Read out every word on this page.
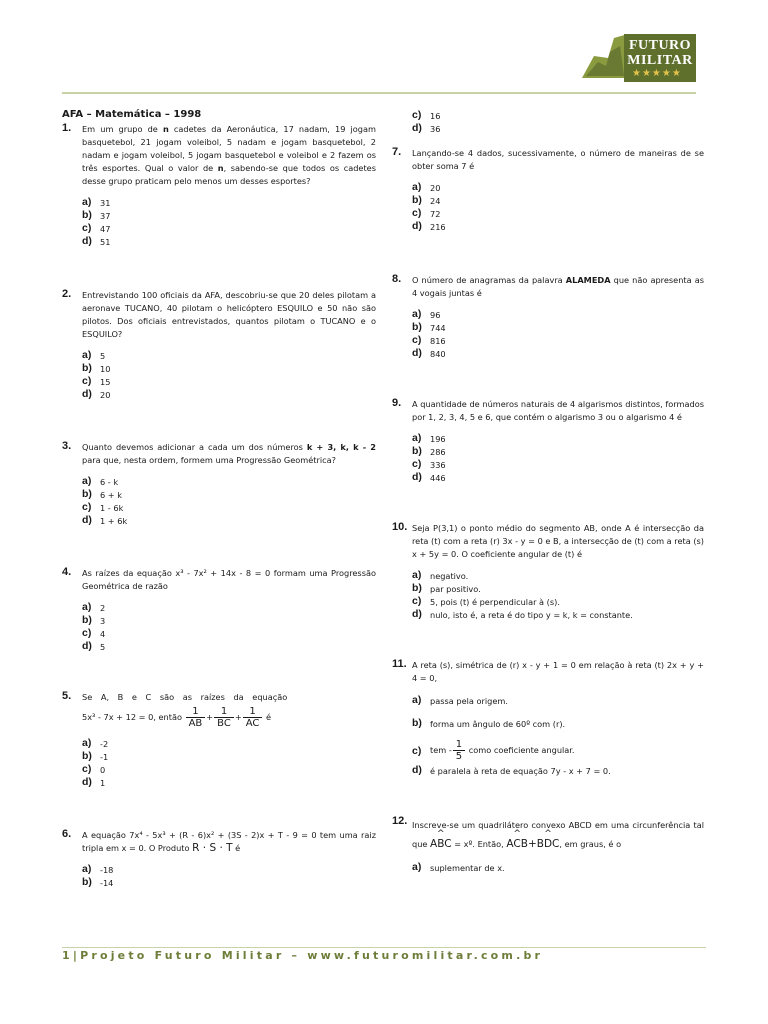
FUTURO
MILITAR
★★★★★
AFA – Matemática – 1998
1. Em um grupo de n cadetes da Aeronáutica, 17 nadam, 19 jogam basquetebol, 21 jogam voleibol, 5 nadam e jogam basquetebol, 2 nadam e jogam voleibol, 5 jogam basquetebol e voleibol e 2 fazem os três esportes. Qual o valor de n, sabendo-se que todos os cadetes desse grupo praticam pelo menos um desses esportes?
a) 31
b) 37
c) 47
d) 51
2. Entrevistando 100 oficiais da AFA, descobriu-se que 20 deles pilotam a aeronave TUCANO, 40 pilotam o helicóptero ESQUILO e 50 não são pilotos. Dos oficiais entrevistados, quantos pilotam o TUCANO e o ESQUILO?
a) 5
b) 10
c) 15
d) 20
3. Quanto devemos adicionar a cada um dos números k + 3, k, k - 2 para que, nesta ordem, formem uma Progressão Geométrica?
a) 6 - k
b) 6 + k
c) 1 - 6k
d) 1 + 6k
4. As raízes da equação x³ - 7x² + 14x - 8 = 0 formam uma Progressão Geométrica de razão
a) 2
b) 3
c) 4
d) 5
5. Se A, B e C são as raízes da equação
5x³ - 7x + 12 = 0, então $\frac{1}{AB} + \frac{1}{BC} + \frac{1}{AC}$ é
a) -2
b) -1
c) 0
d) 1
6. A equação 7x⁴ - 5x³ + (R - 6)x² + (3S - 2)x + T - 9 = 0 tem uma raiz tripla em x = 0. O Produto R · S · T é
a) -18
b) -14
c) 16
d) 36
7. Lançando-se 4 dados, sucessivamente, o número de maneiras de se obter soma 7 é
a) 20
b) 24
c) 72
d) 216
8. O número de anagramas da palavra ALAMEDA que não apresenta as 4 vogais juntas é
a) 96
b) 744
c) 816
d) 840
9. A quantidade de números naturais de 4 algarismos distintos, formados por 1, 2, 3, 4, 5 e 6, que contém o algarismo 3 ou o algarismo 4 é
a) 196
b) 286
c) 336
d) 446
10. Seja P(3,1) o ponto médio do segmento AB, onde A é intersecção da reta (t) com a reta (r) 3x - y = 0 e B, a intersecção de (t) com a reta (s) x + 5y = 0. O coeficiente angular de (t) é
a) negativo.
b) par positivo.
c) 5, pois (t) é perpendicular à (s).
d) nulo, isto é, a reta é do tipo y = k, k = constante.
11. A reta (s), simétrica de (r) x - y + 1 = 0 em relação à reta (t) 2x + y + 4 = 0,
a) passa pela origem.
b) forma um ângulo de 60º com (r).
c) tem - $\frac{1}{5}$ como coeficiente angular.
d) é paralela à reta de equação 7y - x + 7 = 0.
12. Inscreve-se um quadrilátero convexo ABCD em uma circunferência tal que ^ ABC = xº. Então, ^ ACB+^ BDC, em graus, é o
a) suplementar de x.
1|Projeto Futuro Militar – www.futuromilitar.com.br
